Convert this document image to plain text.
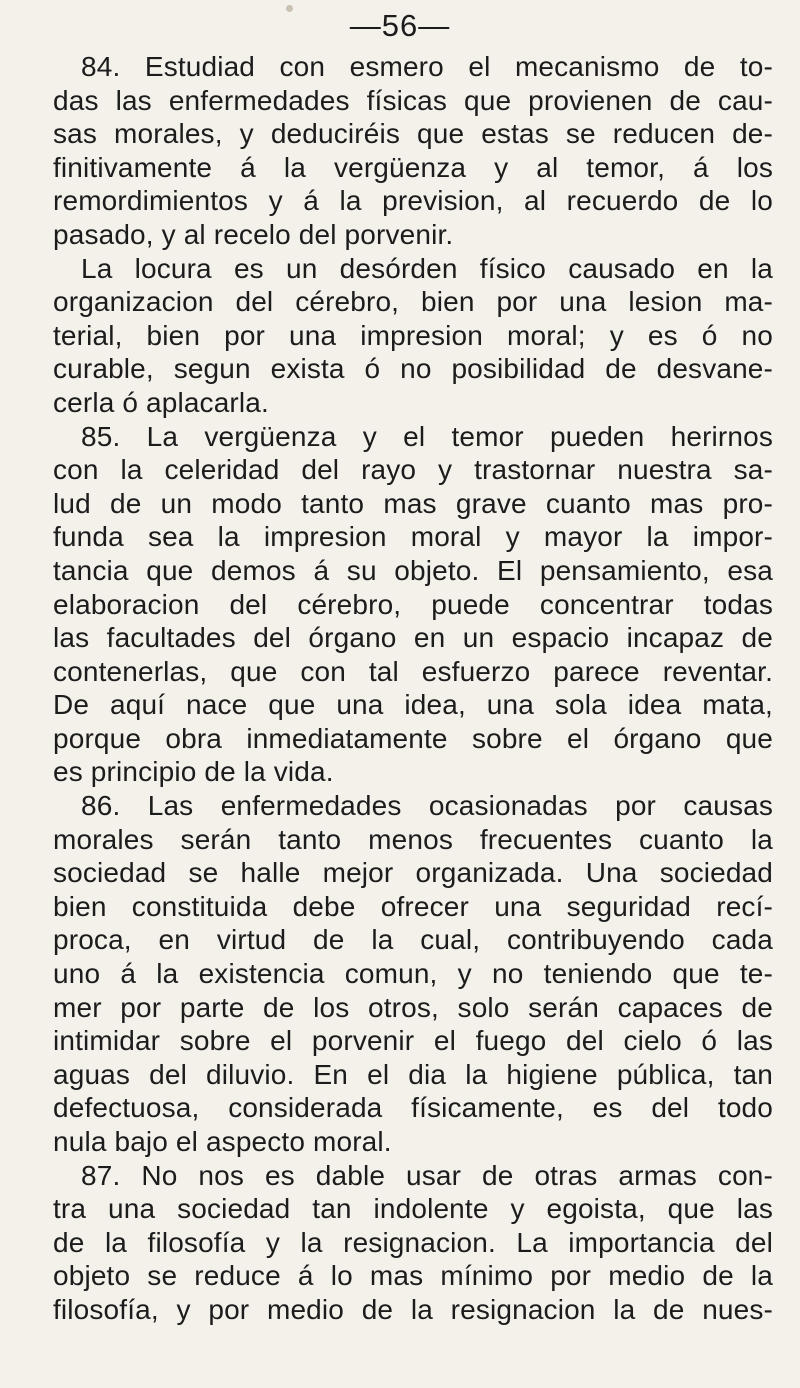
—56—
84. Estudiad con esmero el mecanismo de to-
das las enfermedades físicas que provienen de cau-
sas morales, y deduciréis que estas se reducen de-
finitivamente á la vergüenza y al temor, á los
remordimientos y á la prevision, al recuerdo de lo
pasado, y al recelo del porvenir.
La locura es un desórden físico causado en la
organizacion del cérebro, bien por una lesion ma-
terial, bien por una impresion moral; y es ó no
curable, segun exista ó no posibilidad de desvane-
cerla ó aplacarla.
85. La vergüenza y el temor pueden herirnos
con la celeridad del rayo y trastornar nuestra sa-
lud de un modo tanto mas grave cuanto mas pro-
funda sea la impresion moral y mayor la impor-
tancia que demos á su objeto. El pensamiento, esa
elaboracion del cérebro, puede concentrar todas
las facultades del órgano en un espacio incapaz de
contenerlas, que con tal esfuerzo parece reventar.
De aquí nace que una idea, una sola idea mata,
porque obra inmediatamente sobre el órgano que
es principio de la vida.
86. Las enfermedades ocasionadas por causas
morales serán tanto menos frecuentes cuanto la
sociedad se halle mejor organizada. Una sociedad
bien constituida debe ofrecer una seguridad recí-
proca, en virtud de la cual, contribuyendo cada
uno á la existencia comun, y no teniendo que te-
mer por parte de los otros, solo serán capaces de
intimidar sobre el porvenir el fuego del cielo ó las
aguas del diluvio. En el dia la higiene pública, tan
defectuosa, considerada físicamente, es del todo
nula bajo el aspecto moral.
87. No nos es dable usar de otras armas con-
tra una sociedad tan indolente y egoista, que las
de la filosofía y la resignacion. La importancia del
objeto se reduce á lo mas mínimo por medio de la
filosofía, y por medio de la resignacion la de nues-
